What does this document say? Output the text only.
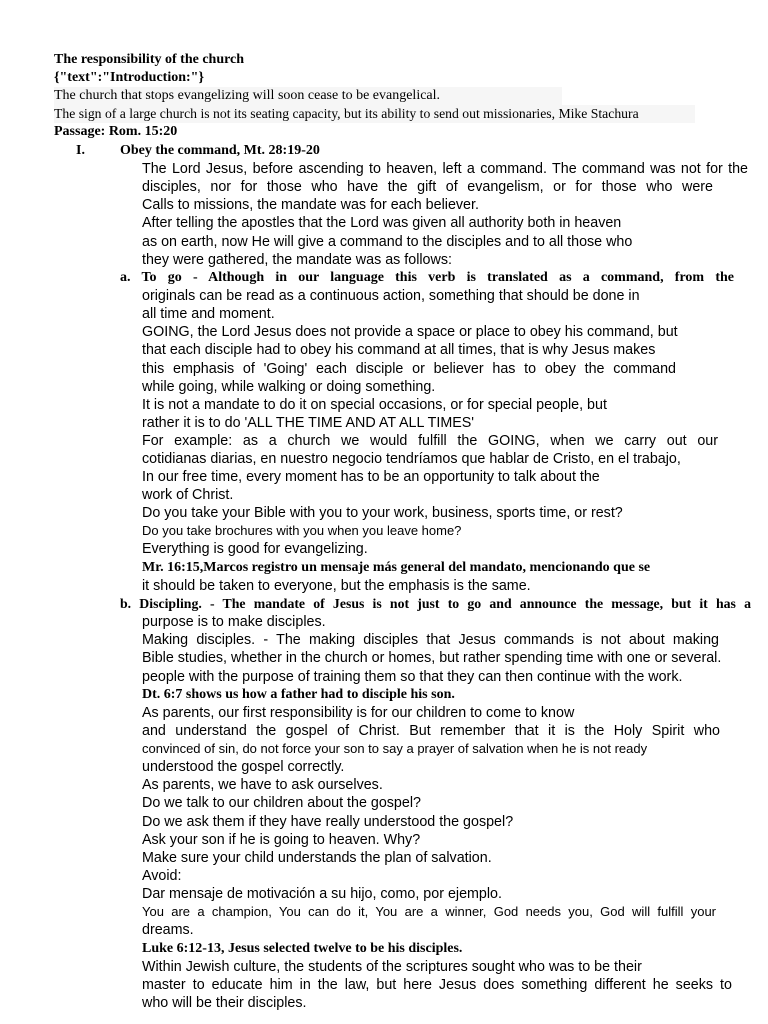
The responsibility of the church
{"text":"Introduction:"}
The church that stops evangelizing will soon cease to be evangelical.
The sign of a large church is not its seating capacity, but its ability to send out missionaries, Mike Stachura
Passage: Rom. 15:20
I.	Obey the command, Mt. 28:19-20
The Lord Jesus, before ascending to heaven, left a command. The command was not for the
disciples, nor for those who have the gift of evangelism, or for those who were
Calls to missions, the mandate was for each believer.
After telling the apostles that the Lord was given all authority both in heaven
as on earth, now He will give a command to the disciples and to all those who
they were gathered, the mandate was as follows:
a. To go - Although in our language this verb is translated as a command, from the
originals can be read as a continuous action, something that should be done in
all time and moment.
GOING, the Lord Jesus does not provide a space or place to obey his command, but
that each disciple had to obey his command at all times, that is why Jesus makes
this emphasis of 'Going' each disciple or believer has to obey the command
while going, while walking or doing something.
It is not a mandate to do it on special occasions, or for special people, but
rather it is to do 'ALL THE TIME AND AT ALL TIMES'
For example: as a church we would fulfill the GOING, when we carry out our
cotidianas diarias, en nuestro negocio tendríamos que hablar de Cristo, en el trabajo,
In our free time, every moment has to be an opportunity to talk about the
work of Christ.
Do you take your Bible with you to your work, business, sports time, or rest?
Do you take brochures with you when you leave home?
Everything is good for evangelizing.
Mr. 16:15,Marcos registro un mensaje más general del mandato, mencionando que se
it should be taken to everyone, but the emphasis is the same.
b. Discipling. - The mandate of Jesus is not just to go and announce the message, but it has a
purpose is to make disciples.
Making disciples. - The making disciples that Jesus commands is not about making
Bible studies, whether in the church or homes, but rather spending time with one or several.
people with the purpose of training them so that they can then continue with the work.
Dt. 6:7 shows us how a father had to disciple his son.
As parents, our first responsibility is for our children to come to know
and understand the gospel of Christ. But remember that it is the Holy Spirit who
convinced of sin, do not force your son to say a prayer of salvation when he is not ready
understood the gospel correctly.
As parents, we have to ask ourselves.
Do we talk to our children about the gospel?
Do we ask them if they have really understood the gospel?
Ask your son if he is going to heaven. Why?
Make sure your child understands the plan of salvation.
Avoid:
Dar mensaje de motivación a su hijo, como, por ejemplo.
You are a champion, You can do it, You are a winner, God needs you, God will fulfill your
dreams.
Luke 6:12-13, Jesus selected twelve to be his disciples.
Within Jewish culture, the students of the scriptures sought who was to be their
master to educate him in the law, but here Jesus does something different he seeks to
who will be their disciples.
